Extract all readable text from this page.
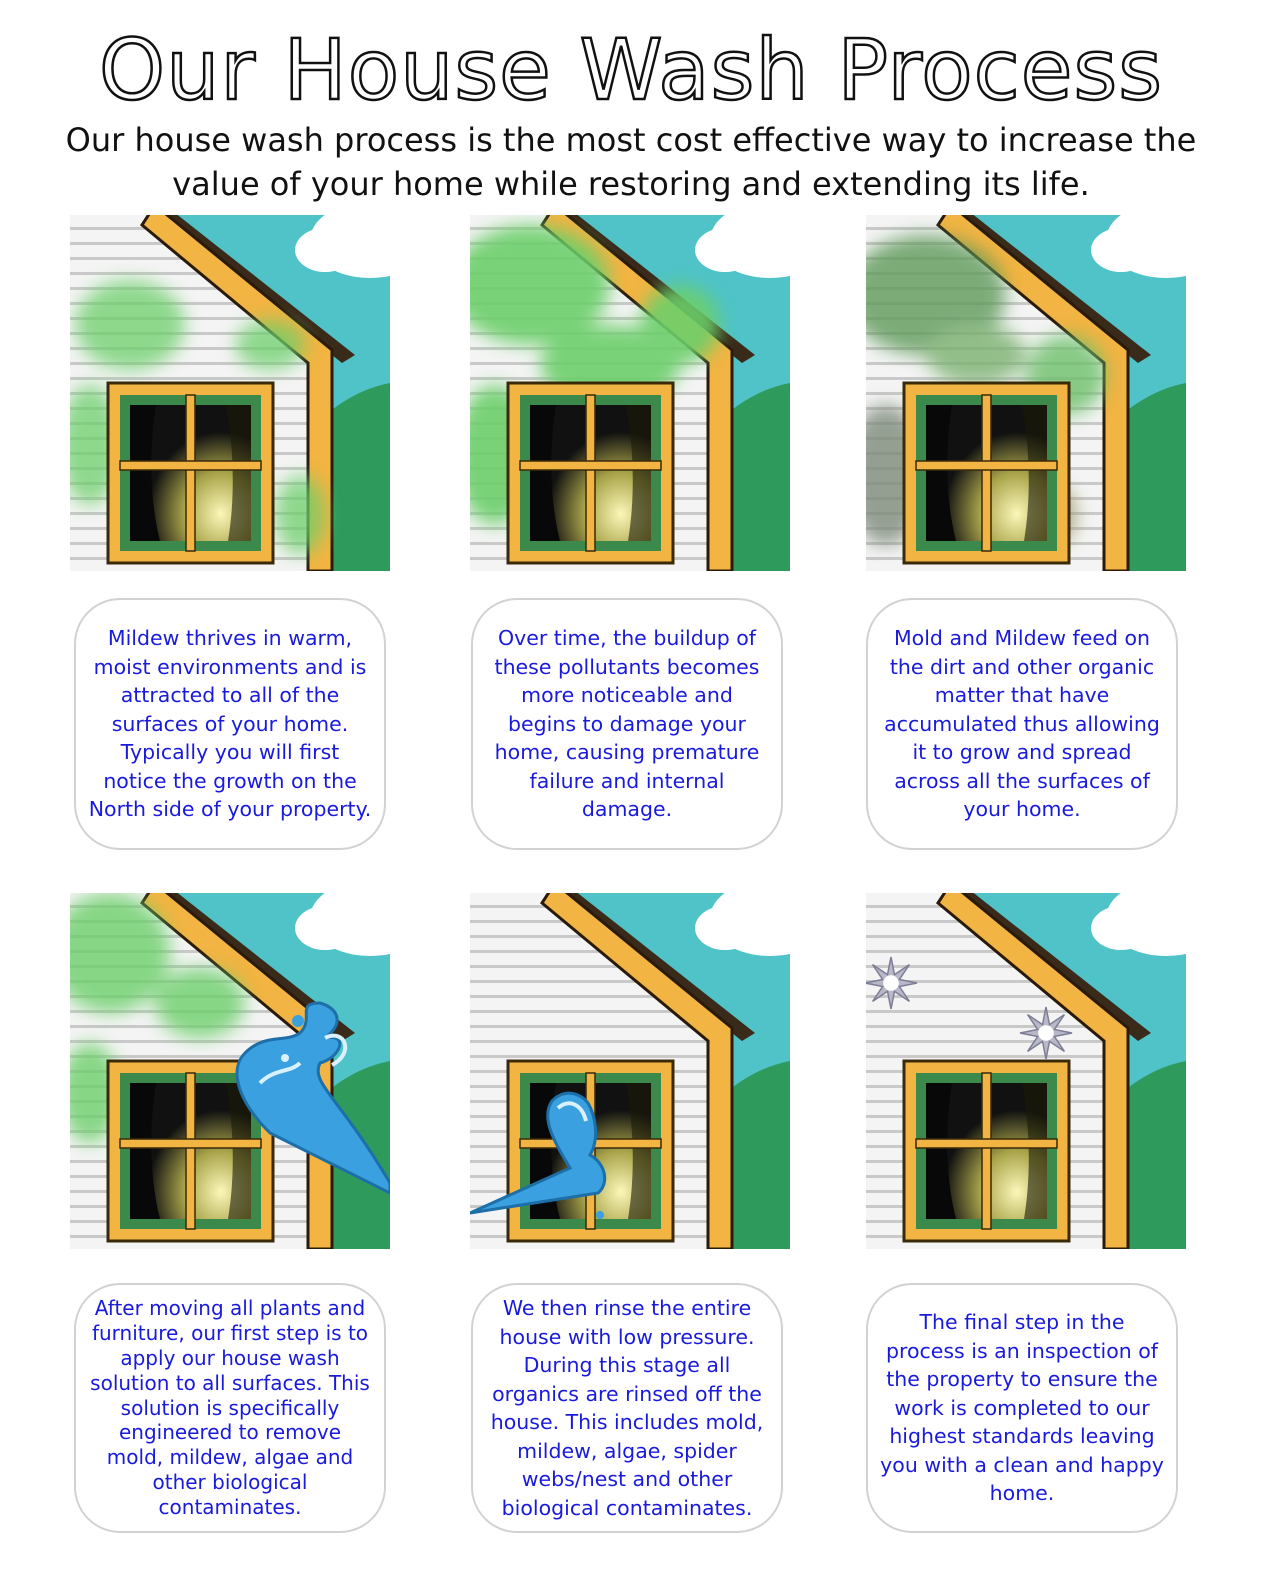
Our House Wash Process
Our house wash process is the most cost effective way to increase the value of your home while restoring and extending its life.
Mildew thrives in warm, moist environments and is attracted to all of the surfaces of your home. Typically you will first notice the growth on the North side of your property.
Over time, the buildup of these pollutants becomes more noticeable and begins to damage your home, causing premature failure and internal damage.
Mold and Mildew feed on the dirt and other organic matter that have accumulated thus allowing it to grow and spread across all the surfaces of your home.
After moving all plants and furniture, our first step is to apply our house wash solution to all surfaces. This solution is specifically engineered to remove mold, mildew, algae and other biological contaminates.
We then rinse the entire house with low pressure. During this stage all organics are rinsed off the house. This includes mold, mildew, algae, spider webs/nest and other biological contaminates.
The final step in the process is an inspection of the property to ensure the work is completed to our highest standards leaving you with a clean and happy home.
